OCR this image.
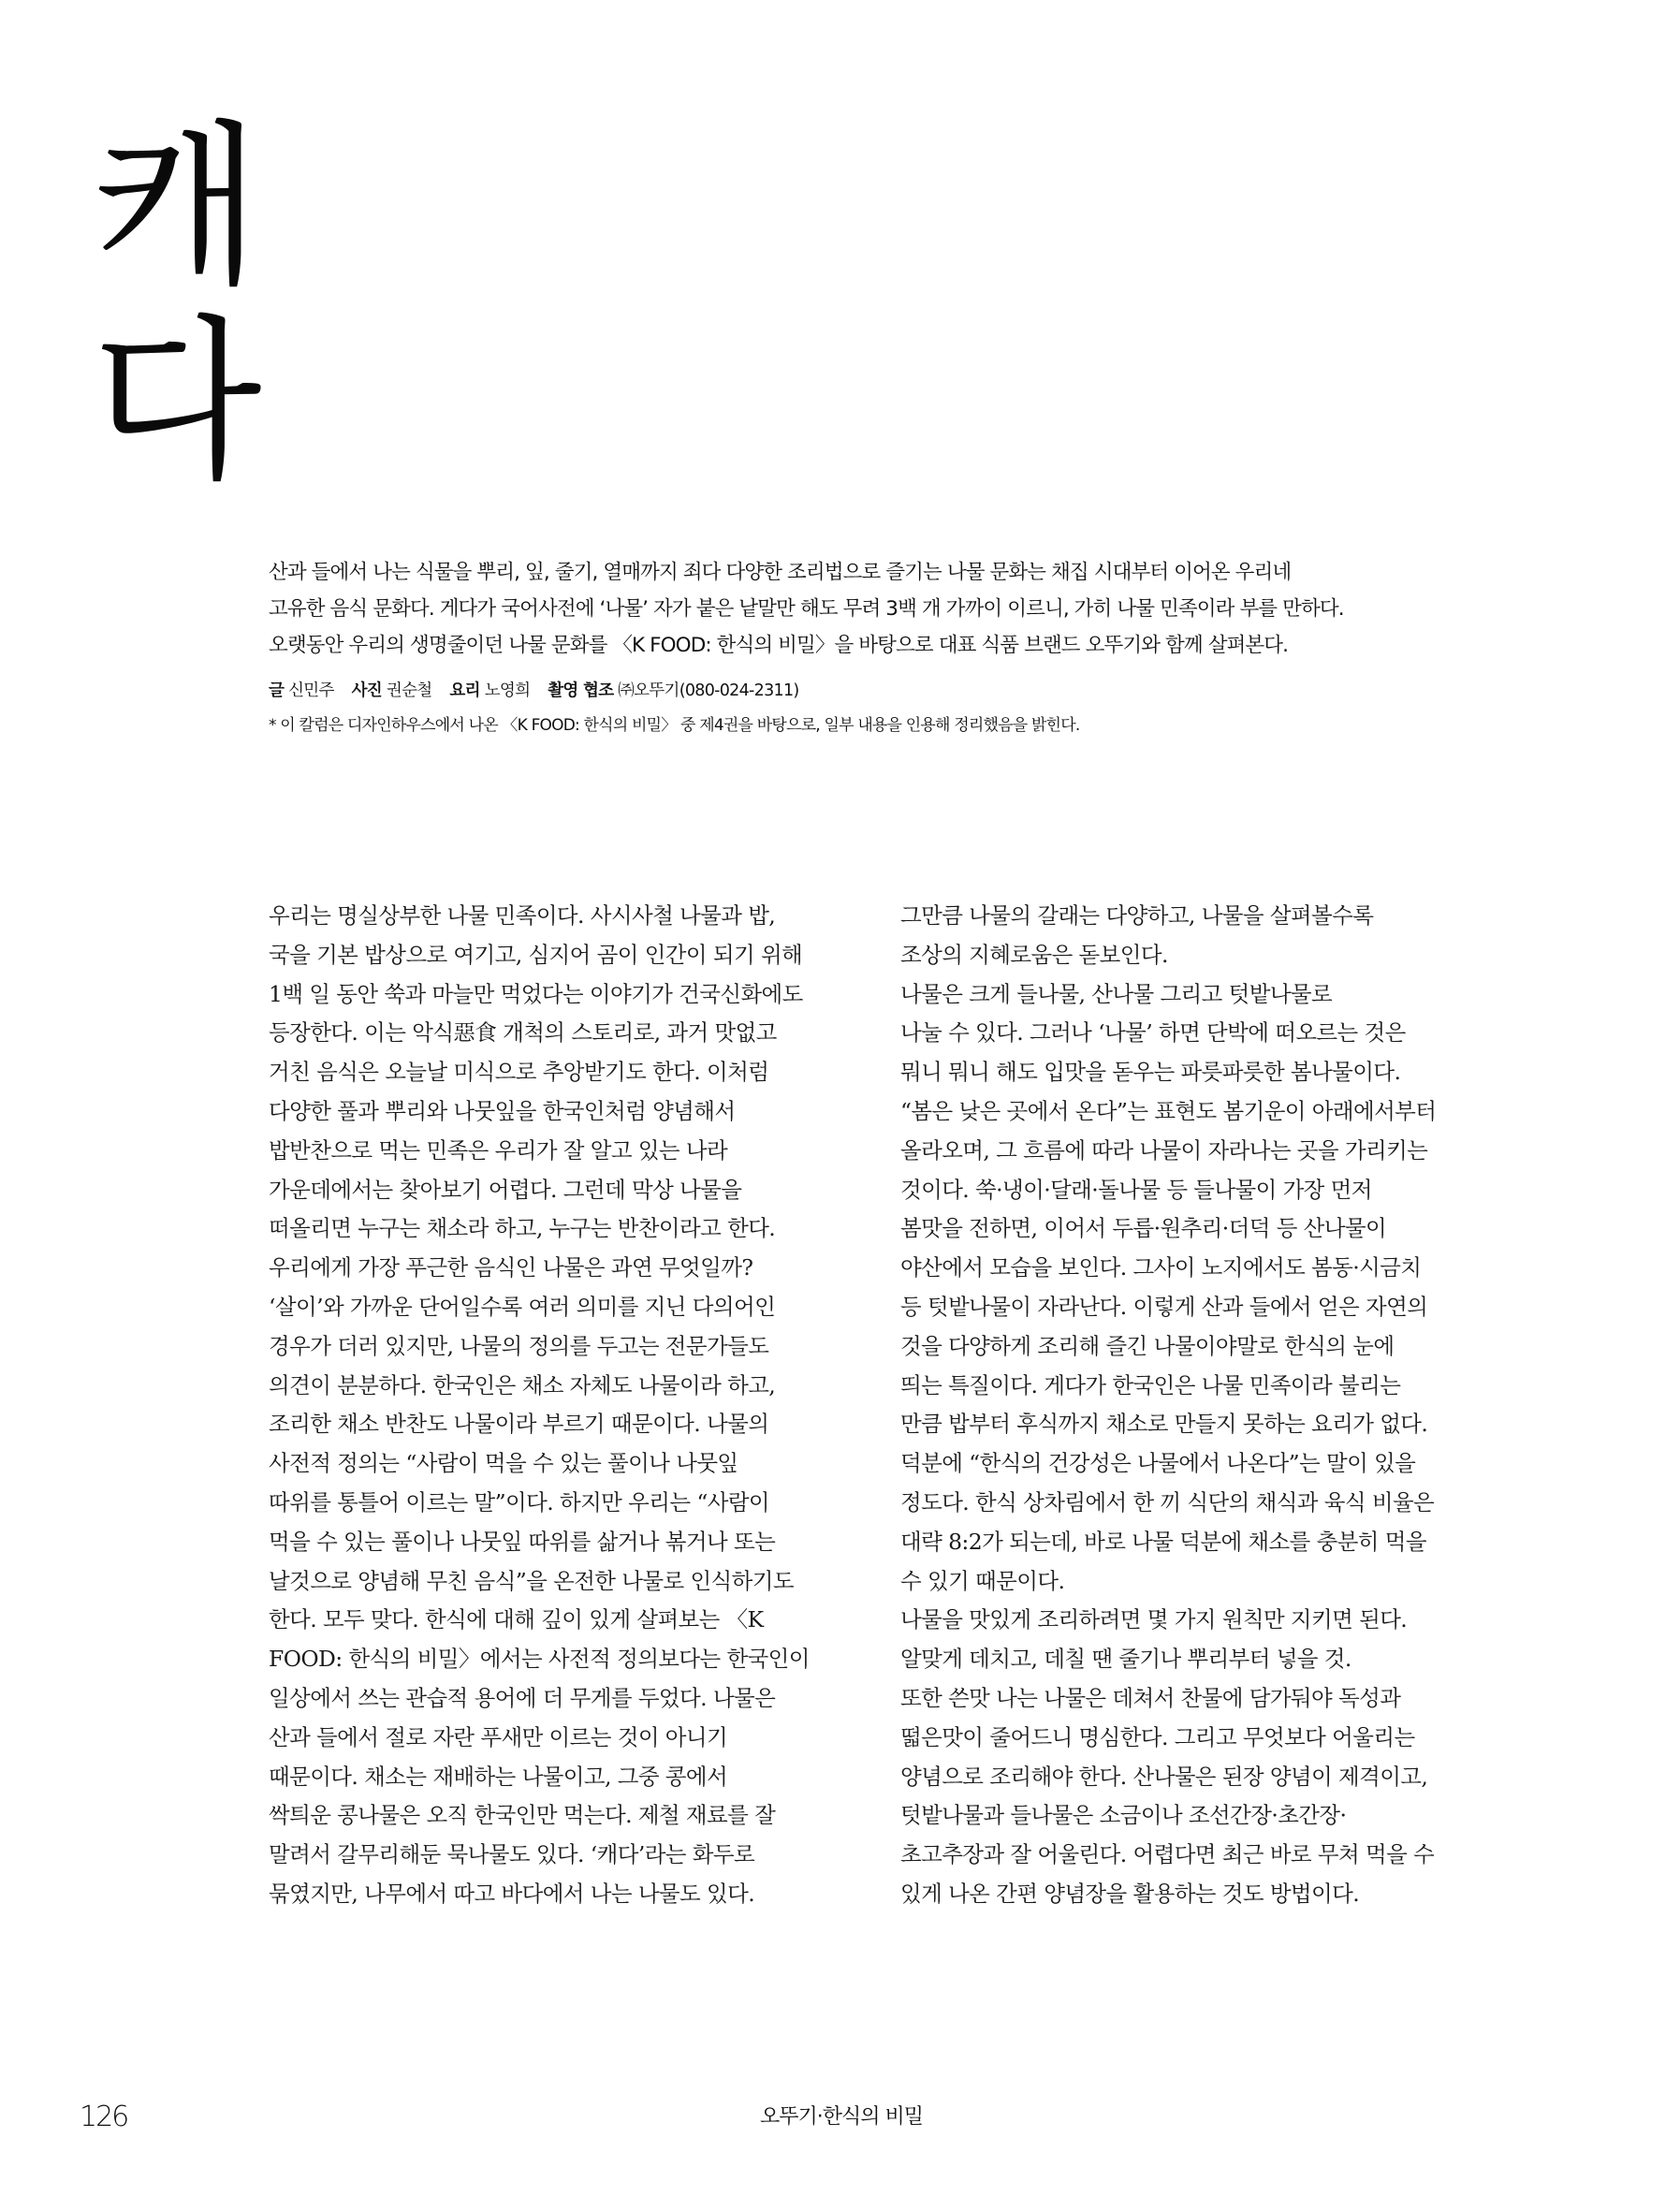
캐
다

산과 들에서 나는 식물을 뿌리, 잎, 줄기, 열매까지 죄다 다양한 조리법으로 즐기는 나물 문화는 채집 시대부터 이어온 우리네

고유한 음식 문화다. 게다가 국어사전에 ‘나물’ 자가 붙은 낱말만 해도 무려 3백 개 가까이 이르니, 가히 나물 민족이라 부를 만하다.

오랫동안 우리의 생명줄이던 나물 문화를 〈K FOOD: 한식의 비밀〉을 바탕으로 대표 식품 브랜드 오뚜기와 함께 살펴본다.

글 신민주 사진 권순철 요리 노영희 촬영 협조 ㈜오뚜기(080-024-2311)
* 이 칼럼은 디자인하우스에서 나온 〈K FOOD: 한식의 비밀〉 중 제4권을 바탕으로, 일부 내용을 인용해 정리했음을 밝힌다.
우리는 명실상부한 나물 민족이다. 사시사철 나물과 밥,
국을 기본 밥상으로 여기고, 심지어 곰이 인간이 되기 위해
1백 일 동안 쑥과 마늘만 먹었다는 이야기가 건국신화에도
등장한다. 이는 악식惡食 개척의 스토리로, 과거 맛없고
거친 음식은 오늘날 미식으로 추앙받기도 한다. 이처럼
다양한 풀과 뿌리와 나뭇잎을 한국인처럼 양념해서
밥반찬으로 먹는 민족은 우리가 잘 알고 있는 나라
가운데에서는 찾아보기 어렵다. 그런데 막상 나물을
떠올리면 누구는 채소라 하고, 누구는 반찬이라고 한다.
우리에게 가장 푸근한 음식인 나물은 과연 무엇일까?
‘살이’와 가까운 단어일수록 여러 의미를 지닌 다의어인
경우가 더러 있지만, 나물의 정의를 두고는 전문가들도
의견이 분분하다. 한국인은 채소 자체도 나물이라 하고,
조리한 채소 반찬도 나물이라 부르기 때문이다. 나물의
사전적 정의는 “사람이 먹을 수 있는 풀이나 나뭇잎
따위를 통틀어 이르는 말”이다. 하지만 우리는 “사람이
먹을 수 있는 풀이나 나뭇잎 따위를 삶거나 볶거나 또는
날것으로 양념해 무친 음식”을 온전한 나물로 인식하기도
한다. 모두 맞다. 한식에 대해 깊이 있게 살펴보는 〈K
FOOD: 한식의 비밀〉에서는 사전적 정의보다는 한국인이
일상에서 쓰는 관습적 용어에 더 무게를 두었다. 나물은
산과 들에서 절로 자란 푸새만 이르는 것이 아니기
때문이다. 채소는 재배하는 나물이고, 그중 콩에서
싹틔운 콩나물은 오직 한국인만 먹는다. 제철 재료를 잘
말려서 갈무리해둔 묵나물도 있다. ‘캐다’라는 화두로
묶였지만, 나무에서 따고 바다에서 나는 나물도 있다.
그만큼 나물의 갈래는 다양하고, 나물을 살펴볼수록
조상의 지혜로움은 돋보인다.
나물은 크게 들나물, 산나물 그리고 텃밭나물로
나눌 수 있다. 그러나 ‘나물’ 하면 단박에 떠오르는 것은
뭐니 뭐니 해도 입맛을 돋우는 파릇파릇한 봄나물이다.
“봄은 낮은 곳에서 온다”는 표현도 봄기운이 아래에서부터
올라오며, 그 흐름에 따라 나물이 자라나는 곳을 가리키는
것이다. 쑥·냉이·달래·돌나물 등 들나물이 가장 먼저
봄맛을 전하면, 이어서 두릅·원추리·더덕 등 산나물이
야산에서 모습을 보인다. 그사이 노지에서도 봄동·시금치
등 텃밭나물이 자라난다. 이렇게 산과 들에서 얻은 자연의
것을 다양하게 조리해 즐긴 나물이야말로 한식의 눈에
띄는 특질이다. 게다가 한국인은 나물 민족이라 불리는
만큼 밥부터 후식까지 채소로 만들지 못하는 요리가 없다.
덕분에 “한식의 건강성은 나물에서 나온다”는 말이 있을
정도다. 한식 상차림에서 한 끼 식단의 채식과 육식 비율은
대략 8:2가 되는데, 바로 나물 덕분에 채소를 충분히 먹을
수 있기 때문이다.
나물을 맛있게 조리하려면 몇 가지 원칙만 지키면 된다.
알맞게 데치고, 데칠 땐 줄기나 뿌리부터 넣을 것.
또한 쓴맛 나는 나물은 데쳐서 찬물에 담가둬야 독성과
떫은맛이 줄어드니 명심한다. 그리고 무엇보다 어울리는
양념으로 조리해야 한다. 산나물은 된장 양념이 제격이고,
텃밭나물과 들나물은 소금이나 조선간장·초간장·
초고추장과 잘 어울린다. 어렵다면 최근 바로 무쳐 먹을 수
있게 나온 간편 양념장을 활용하는 것도 방법이다.
126	오뚜기·한식의 비밀
